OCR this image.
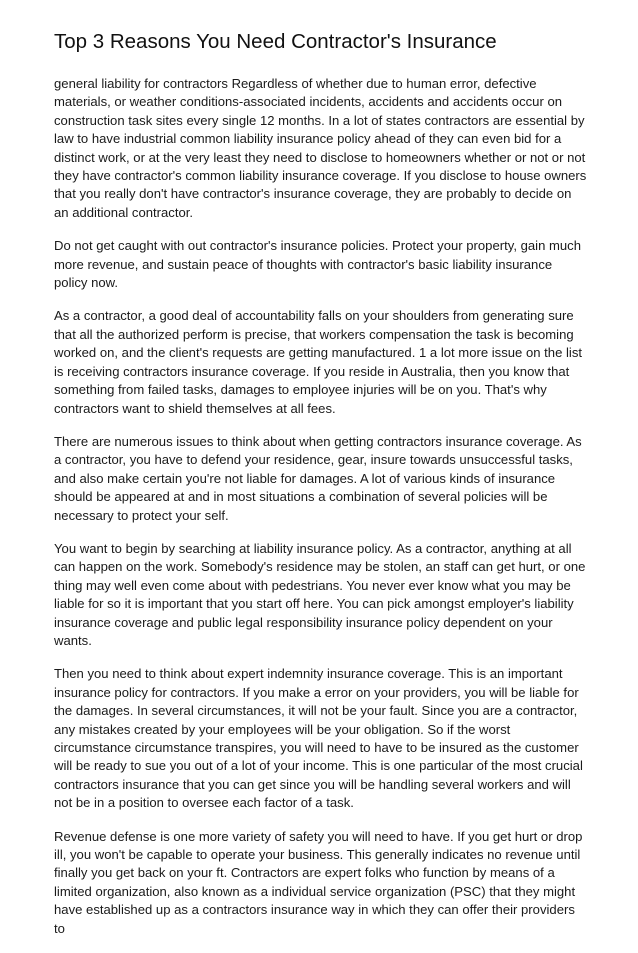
Top 3 Reasons You Need Contractor's Insurance

general liability for contractors Regardless of whether due to human error, defective materials, or weather conditions-associated incidents, accidents and accidents occur on construction task sites every single 12 months. In a lot of states contractors are essential by law to have industrial common liability insurance policy ahead of they can even bid for a distinct work, or at the very least they need to disclose to homeowners whether or not or not they have contractor's common liability insurance coverage. If you disclose to house owners that you really don't have contractor's insurance coverage, they are probably to decide on an additional contractor.

Do not get caught with out contractor's insurance policies. Protect your property, gain much more revenue, and sustain peace of thoughts with contractor's basic liability insurance policy now.

As a contractor, a good deal of accountability falls on your shoulders from generating sure that all the authorized perform is precise, that workers compensation the task is becoming worked on, and the client's requests are getting manufactured. 1 a lot more issue on the list is receiving contractors insurance coverage. If you reside in Australia, then you know that something from failed tasks, damages to employee injuries will be on you. That's why contractors want to shield themselves at all fees.

There are numerous issues to think about when getting contractors insurance coverage. As a contractor, you have to defend your residence, gear, insure towards unsuccessful tasks, and also make certain you're not liable for damages. A lot of various kinds of insurance should be appeared at and in most situations a combination of several policies will be necessary to protect your self.

You want to begin by searching at liability insurance policy. As a contractor, anything at all can happen on the work. Somebody's residence may be stolen, an staff can get hurt, or one thing may well even come about with pedestrians. You never ever know what you may be liable for so it is important that you start off here. You can pick amongst employer's liability insurance coverage and public legal responsibility insurance policy dependent on your wants.

Then you need to think about expert indemnity insurance coverage. This is an important insurance policy for contractors. If you make a error on your providers, you will be liable for the damages. In several circumstances, it will not be your fault. Since you are a contractor, any mistakes created by your employees will be your obligation. So if the worst circumstance circumstance transpires, you will need to have to be insured as the customer will be ready to sue you out of a lot of your income. This is one particular of the most crucial contractors insurance that you can get since you will be handling several workers and will not be in a position to oversee each factor of a task.

Revenue defense is one more variety of safety you will need to have. If you get hurt or drop ill, you won't be capable to operate your business. This generally indicates no revenue until finally you get back on your ft. Contractors are expert folks who function by means of a limited organization, also known as a individual service organization (PSC) that they might have established up as a contractors insurance way in which they can offer their providers to
